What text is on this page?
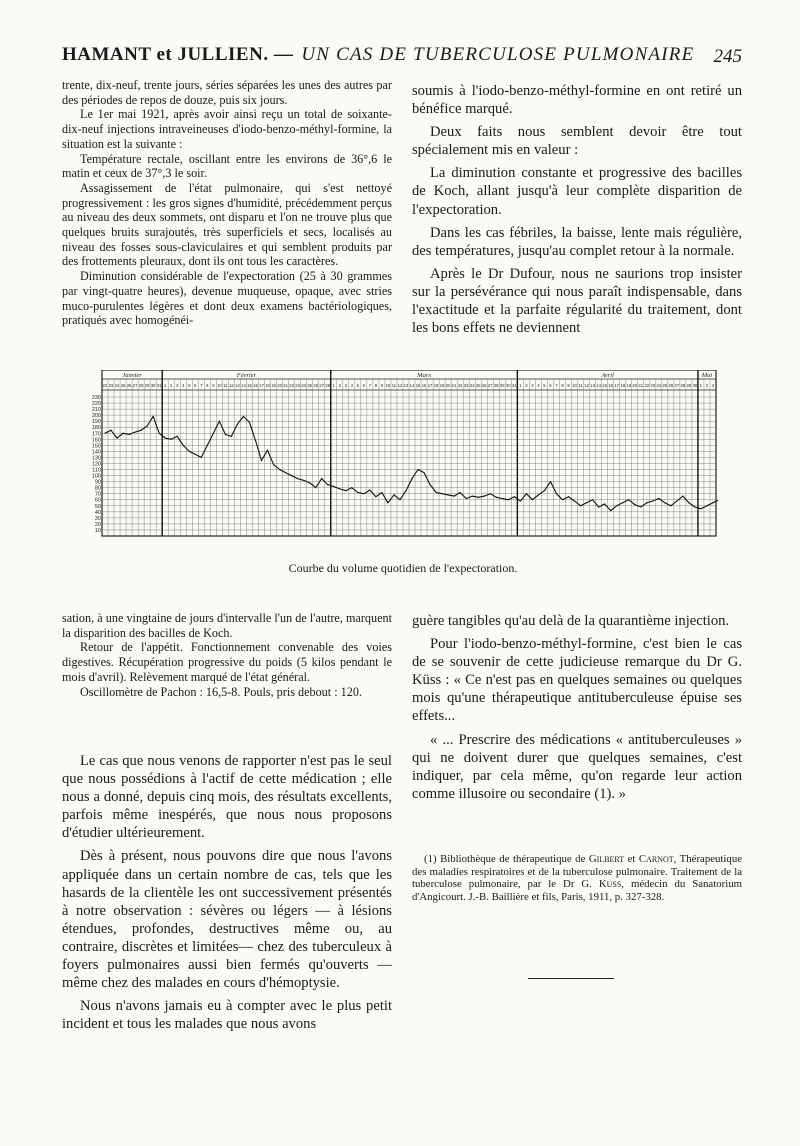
HAMANT et JULLIEN. — UN CAS DE TUBERCULOSE PULMONAIRE 245

trente, dix-neuf, trente jours, séries séparées les unes des autres par des périodes de repos de douze, puis six jours.

Le 1er mai 1921, après avoir ainsi reçu un total de soixante-dix-neuf injections intraveineuses d'iodo-benzo-méthyl-formine, la situation est la suivante :

Température rectale, oscillant entre les environs de 36°,6 le matin et ceux de 37°,3 le soir.

Assagissement de l'état pulmonaire, qui s'est nettoyé progressivement : les gros signes d'humidité, précédemment perçus au niveau des deux sommets, ont disparu et l'on ne trouve plus que quelques bruits surajoutés, très superficiels et secs, localisés au niveau des fosses sous-claviculaires et qui semblent produits par des frottements pleuraux, dont ils ont tous les caractères.

Diminution considérable de l'expectoration (25 à 30 grammes par vingt-quatre heures), devenue muqueuse, opaque, avec stries muco-purulentes légères et dont deux examens bactériologiques, pratiqués avec homogénéi-

soumis à l'iodo-benzo-méthyl-formine en ont retiré un bénéfice marqué.

Deux faits nous semblent devoir être tout spécialement mis en valeur :

La diminution constante et progressive des bacilles de Koch, allant jusqu'à leur complète disparition de l'expectoration.

Dans les cas fébriles, la baisse, lente mais régulière, des températures, jusqu'au complet retour à la normale.

Après le Dr Dufour, nous ne saurions trop insister sur la persévérance qui nous paraît indispensable, dans l'exactitude et la parfaite régularité du traitement, dont les bons effets ne deviennent

230
220
210
200
190
180
170
160
150
140
130
120
110
100
90
80
70
60
50
40
30
20
10
Janvier
22 23 24 25 26 27 28 29 30 31
Février
1 2 3 4 5 6 7 8 9 10 11 12 13 14 15 16 17 18 19 20 21 22 23 24 25 26 27 28
Mars
1 2 3 4 5 6 7 8 9 10 11 12 13 14 15 16 17 18 19 20 21 22 23 24 25 26 27 28 29 30 31
Avril
1 2 3 4 5 6 7 8 9 10 11 12 13 14 15 16 17 18 19 20 21 22 23 24 25 26 27 28 29 30
Mai
1 2 3
Courbe du volume quotidien de l'expectoration.

sation, à une vingtaine de jours d'intervalle l'un de l'autre, marquent la disparition des bacilles de Koch.

Retour de l'appétit. Fonctionnement convenable des voies digestives. Récupération progressive du poids (5 kilos pendant le mois d'avril). Relèvement marqué de l'état général.

Oscillomètre de Pachon : 16,5-8. Pouls, pris debout : 120.

Le cas que nous venons de rapporter n'est pas le seul que nous possédions à l'actif de cette médication ; elle nous a donné, depuis cinq mois, des résultats excellents, parfois même inespérés, que nous nous proposons d'étudier ultérieurement.

Dès à présent, nous pouvons dire que nous l'avons appliquée dans un certain nombre de cas, tels que les hasards de la clientèle les ont successivement présentés à notre observation : sévères ou légers — à lésions étendues, profondes, destructives même ou, au contraire, discrètes et limitées— chez des tuberculeux à foyers pulmonaires aussi bien fermés qu'ouverts — même chez des malades en cours d'hémoptysie.

Nous n'avons jamais eu à compter avec le plus petit incident et tous les malades que nous avons

guère tangibles qu'au delà de la quarantième injection.

Pour l'iodo-benzo-méthyl-formine, c'est bien le cas de se souvenir de cette judicieuse remarque du Dr G. Küss : « Ce n'est pas en quelques semaines ou quelques mois qu'une thérapeutique antituberculeuse épuise ses effets...

« ... Prescrire des médications « antituberculeuses » qui ne doivent durer que quelques semaines, c'est indiquer, par cela même, qu'on regarde leur action comme illusoire ou secondaire (1). »

(1) Bibliothèque de thérapeutique de Gilbert et Carnot, Thérapeutique des maladies respiratoires et de la tuberculose pulmonaire. Traitement de la tuberculose pulmonaire, par le Dr G. Kuss, médecin du Sanatorium d'Angicourt. J.-B. Baillière et fils, Paris, 1911, p. 327-328.
